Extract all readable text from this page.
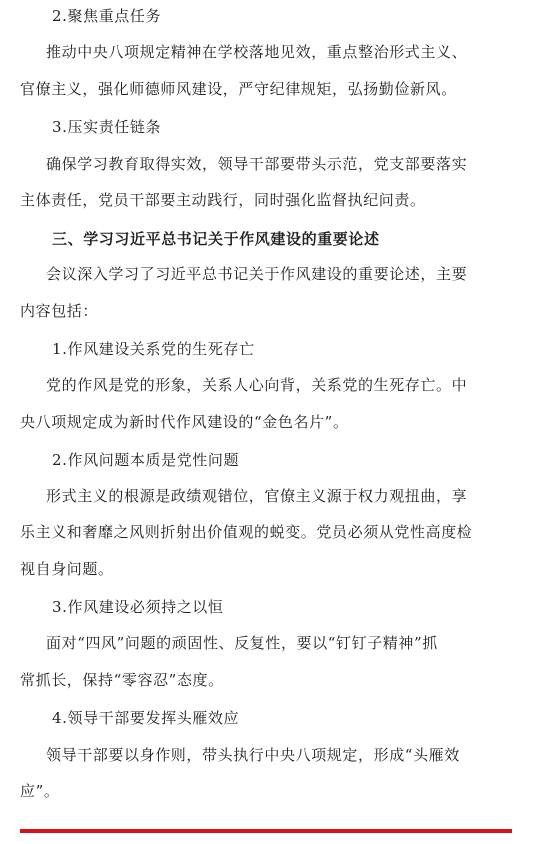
2.聚焦重点任务
推动中央八项规定精神在学校落地见效，重点整治形式主义、
官僚主义，强化师德师风建设，严守纪律规矩，弘扬勤俭新风。
3.压实责任链条
确保学习教育取得实效，领导干部要带头示范，党支部要落实
主体责任，党员干部要主动践行，同时强化监督执纪问责。
三、学习习近平总书记关于作风建设的重要论述
会议深入学习了习近平总书记关于作风建设的重要论述，主要
内容包括：
1.作风建设关系党的生死存亡
党的作风是党的形象，关系人心向背，关系党的生死存亡。中
央八项规定成为新时代作风建设的“金色名片”。
2.作风问题本质是党性问题
形式主义的根源是政绩观错位，官僚主义源于权力观扭曲，享
乐主义和奢靡之风则折射出价值观的蜕变。党员必须从党性高度检
视自身问题。
3.作风建设必须持之以恒
面对“四风”问题的顽固性、反复性，要以“钉钉子精神”抓
常抓长，保持“零容忍”态度。
4.领导干部要发挥头雁效应
领导干部要以身作则，带头执行中央八项规定，形成“头雁效
应”。
